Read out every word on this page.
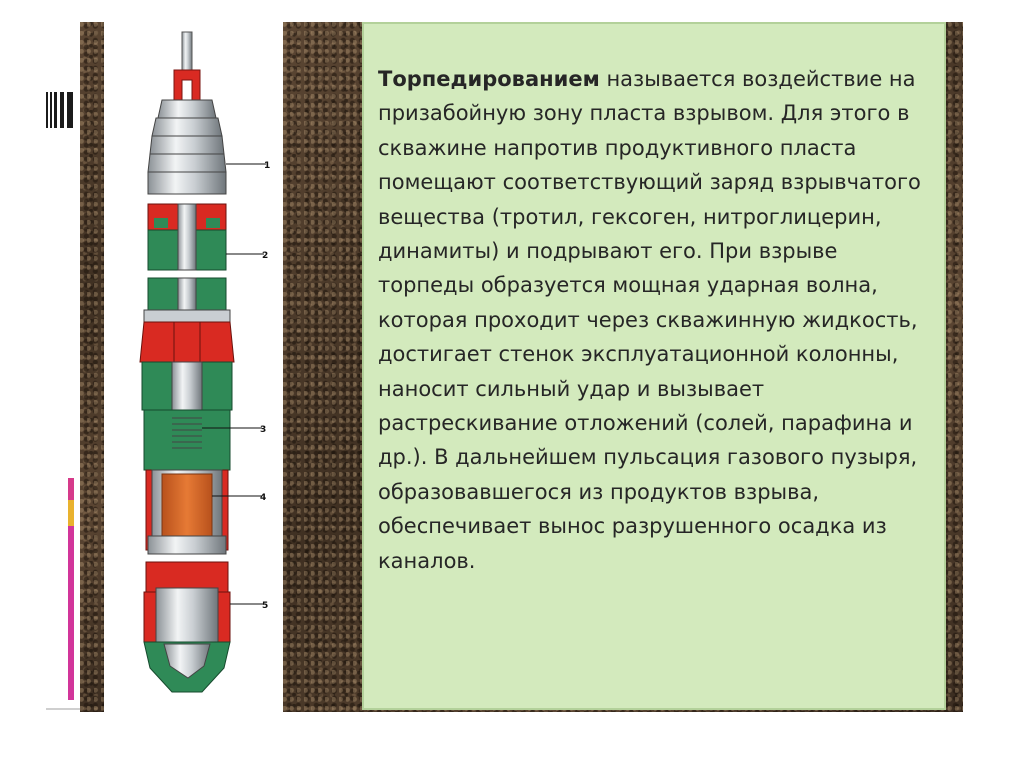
1
2
3
4
5

Торпедированием называется воздействие на призабойную зону пласта взрывом. Для этого в скважине напротив продуктивного пласта помещают соответствующий заряд взрывчатого вещества (тротил, гексоген, нитроглицерин, динамиты) и подрывают его. При взрыве торпеды образуется мощная ударная волна, которая проходит через скважинную жидкость, достигает стенок эксплуатационной колонны, наносит сильный удар и вызывает растрескивание отложений (солей, парафина и др.). В дальнейшем пульсация газового пузыря, образовавшегося из продуктов взрыва, обеспечивает вынос разрушенного осадка из каналов.
